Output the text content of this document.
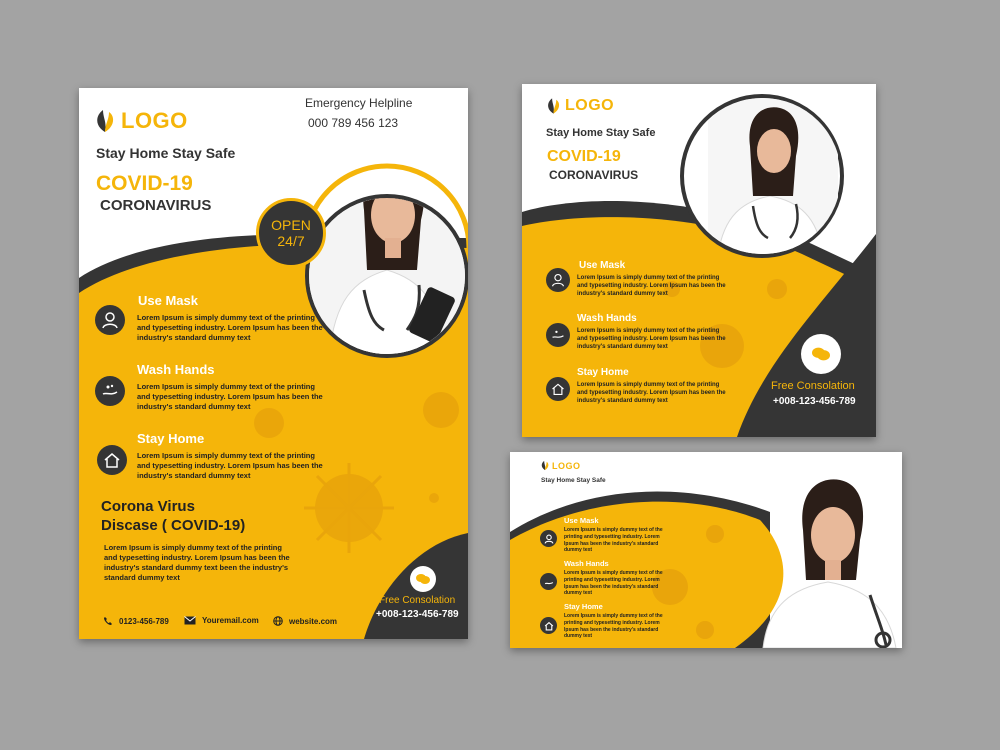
LOGO
Emergency Helpline
000 789 456 123
Stay Home Stay Safe
COVID-19
CORONAVIRUS
OPEN
24/7
Use Mask
Lorem Ipsum is simply dummy text of the printing and typesetting industry. Lorem Ipsum has been the industry's standard dummy text
Wash Hands
Lorem Ipsum is simply dummy text of the printing and typesetting industry. Lorem Ipsum has been the industry's standard dummy text
Stay Home
Lorem Ipsum is simply dummy text of the printing and typesetting industry. Lorem Ipsum has been the industry's standard dummy text
Corona Virus
Discase ( COVID-19)
Lorem Ipsum is simply dummy text of the printing and typesetting industry. Lorem Ipsum has been the industry's standard dummy text been the industry's standard dummy text
Free Consolation
+008-123-456-789
0123-456-789	Youremail.com	website.com
LOGO
Stay Home Stay Safe
COVID-19
CORONAVIRUS
Use Mask
Lorem Ipsum is simply dummy text of the printing and typesetting industry. Lorem Ipsum has been the industry's standard dummy text
Wash Hands
Lorem Ipsum is simply dummy text of the printing and typesetting industry. Lorem Ipsum has been the industry's standard dummy text
Stay Home
Lorem Ipsum is simply dummy text of the printing and typesetting industry. Lorem Ipsum has been the industry's standard dummy text
Free Consolation
+008-123-456-789
LOGO
Stay Home Stay Safe
Use Mask
Lorem Ipsum is simply dummy text of the printing and typesetting industry. Lorem Ipsum has been the industry's standard dummy text
Wash Hands
Lorem Ipsum is simply dummy text of the printing and typesetting industry. Lorem Ipsum has been the industry's standard dummy text
Stay Home
Lorem Ipsum is simply dummy text of the printing and typesetting industry. Lorem Ipsum has been the industry's standard dummy text
